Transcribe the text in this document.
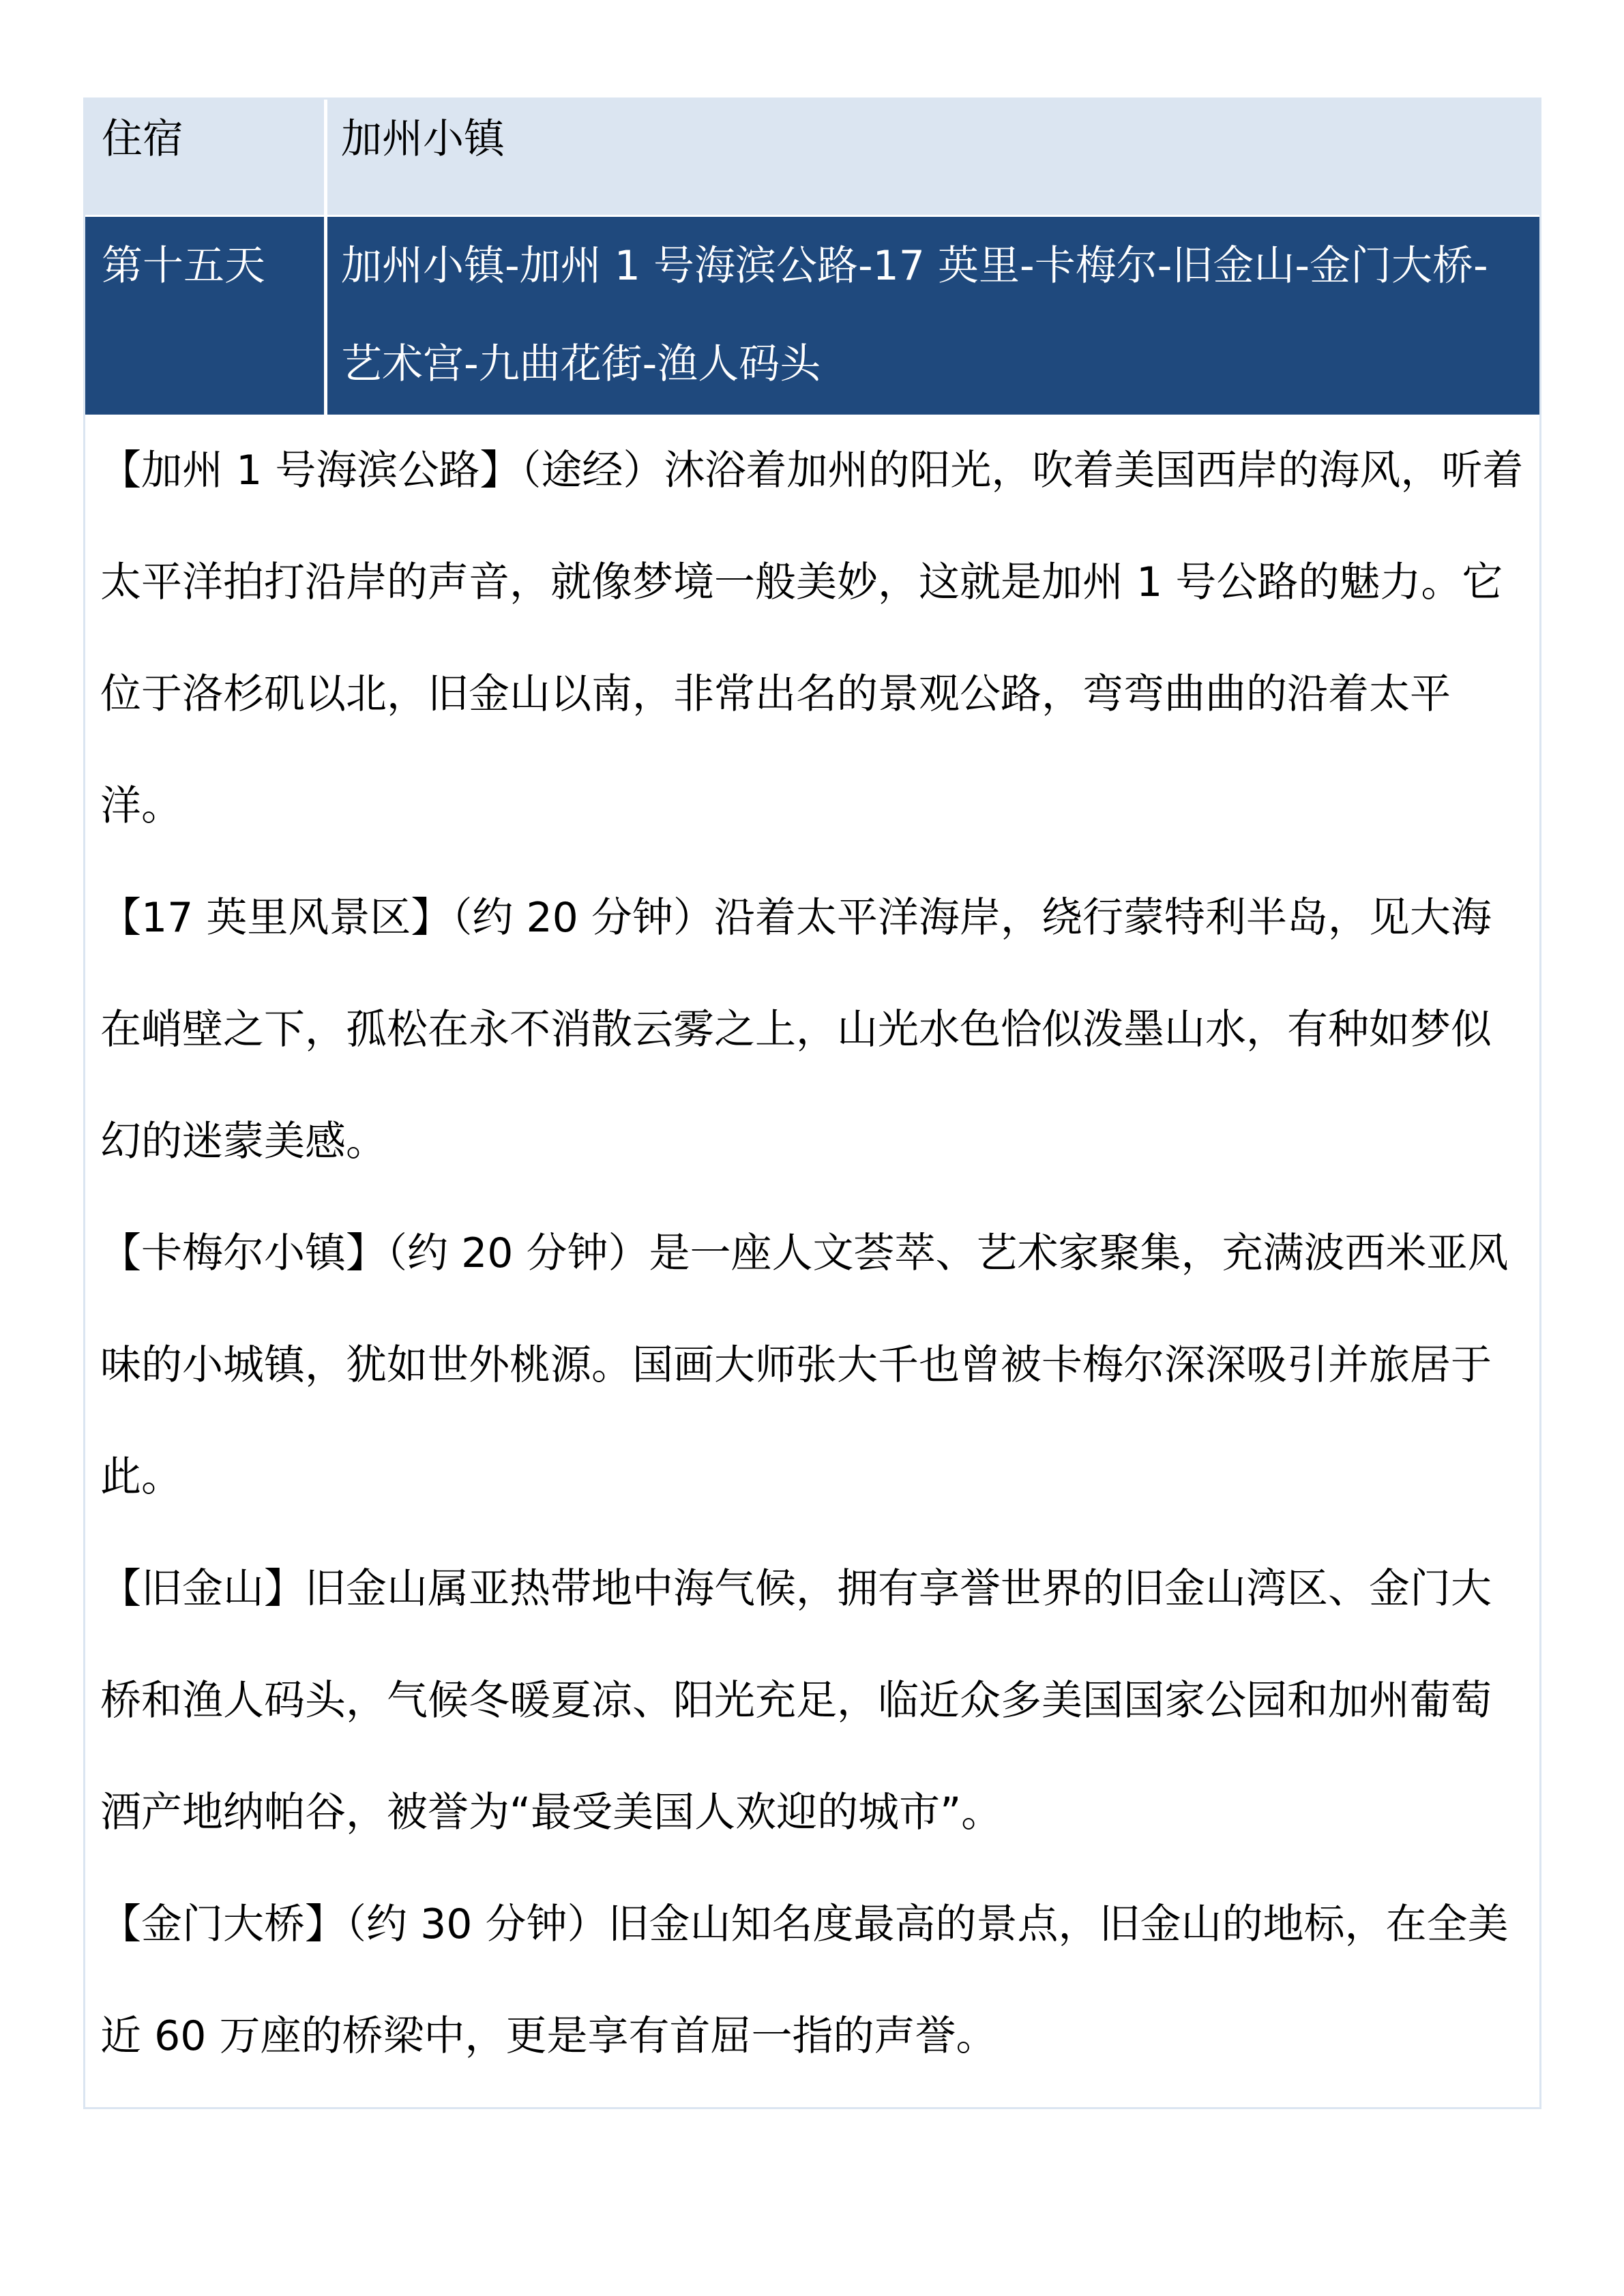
住宿	加州小镇
第十五天	加州小镇-加州 1 号海滨公路-17 英里-卡梅尔-旧金山-金门大桥-艺术宫-九曲花街-渔人码头

【加州 1 号海滨公路】（途经）沐浴着加州的阳光，吹着美国西岸的海风，听着太平洋拍打沿岸的声音，就像梦境一般美妙，这就是加州 1 号公路的魅力。它位于洛杉矶以北，旧金山以南，非常出名的景观公路，弯弯曲曲的沿着太平洋。

【17 英里风景区】（约 20 分钟）沿着太平洋海岸，绕行蒙特利半岛，见大海在峭壁之下，孤松在永不消散云雾之上，山光水色恰似泼墨山水，有种如梦似幻的迷蒙美感。

【卡梅尔小镇】（约 20 分钟）是一座人文荟萃、艺术家聚集，充满波西米亚风味的小城镇，犹如世外桃源。国画大师张大千也曾被卡梅尔深深吸引并旅居于此。

【旧金山】旧金山属亚热带地中海气候，拥有享誉世界的旧金山湾区、金门大桥和渔人码头，气候冬暖夏凉、阳光充足，临近众多美国国家公园和加州葡萄酒产地纳帕谷，被誉为“最受美国人欢迎的城市”。

【金门大桥】（约 30 分钟）旧金山知名度最高的景点，旧金山的地标，在全美近 60 万座的桥梁中，更是享有首屈一指的声誉。
